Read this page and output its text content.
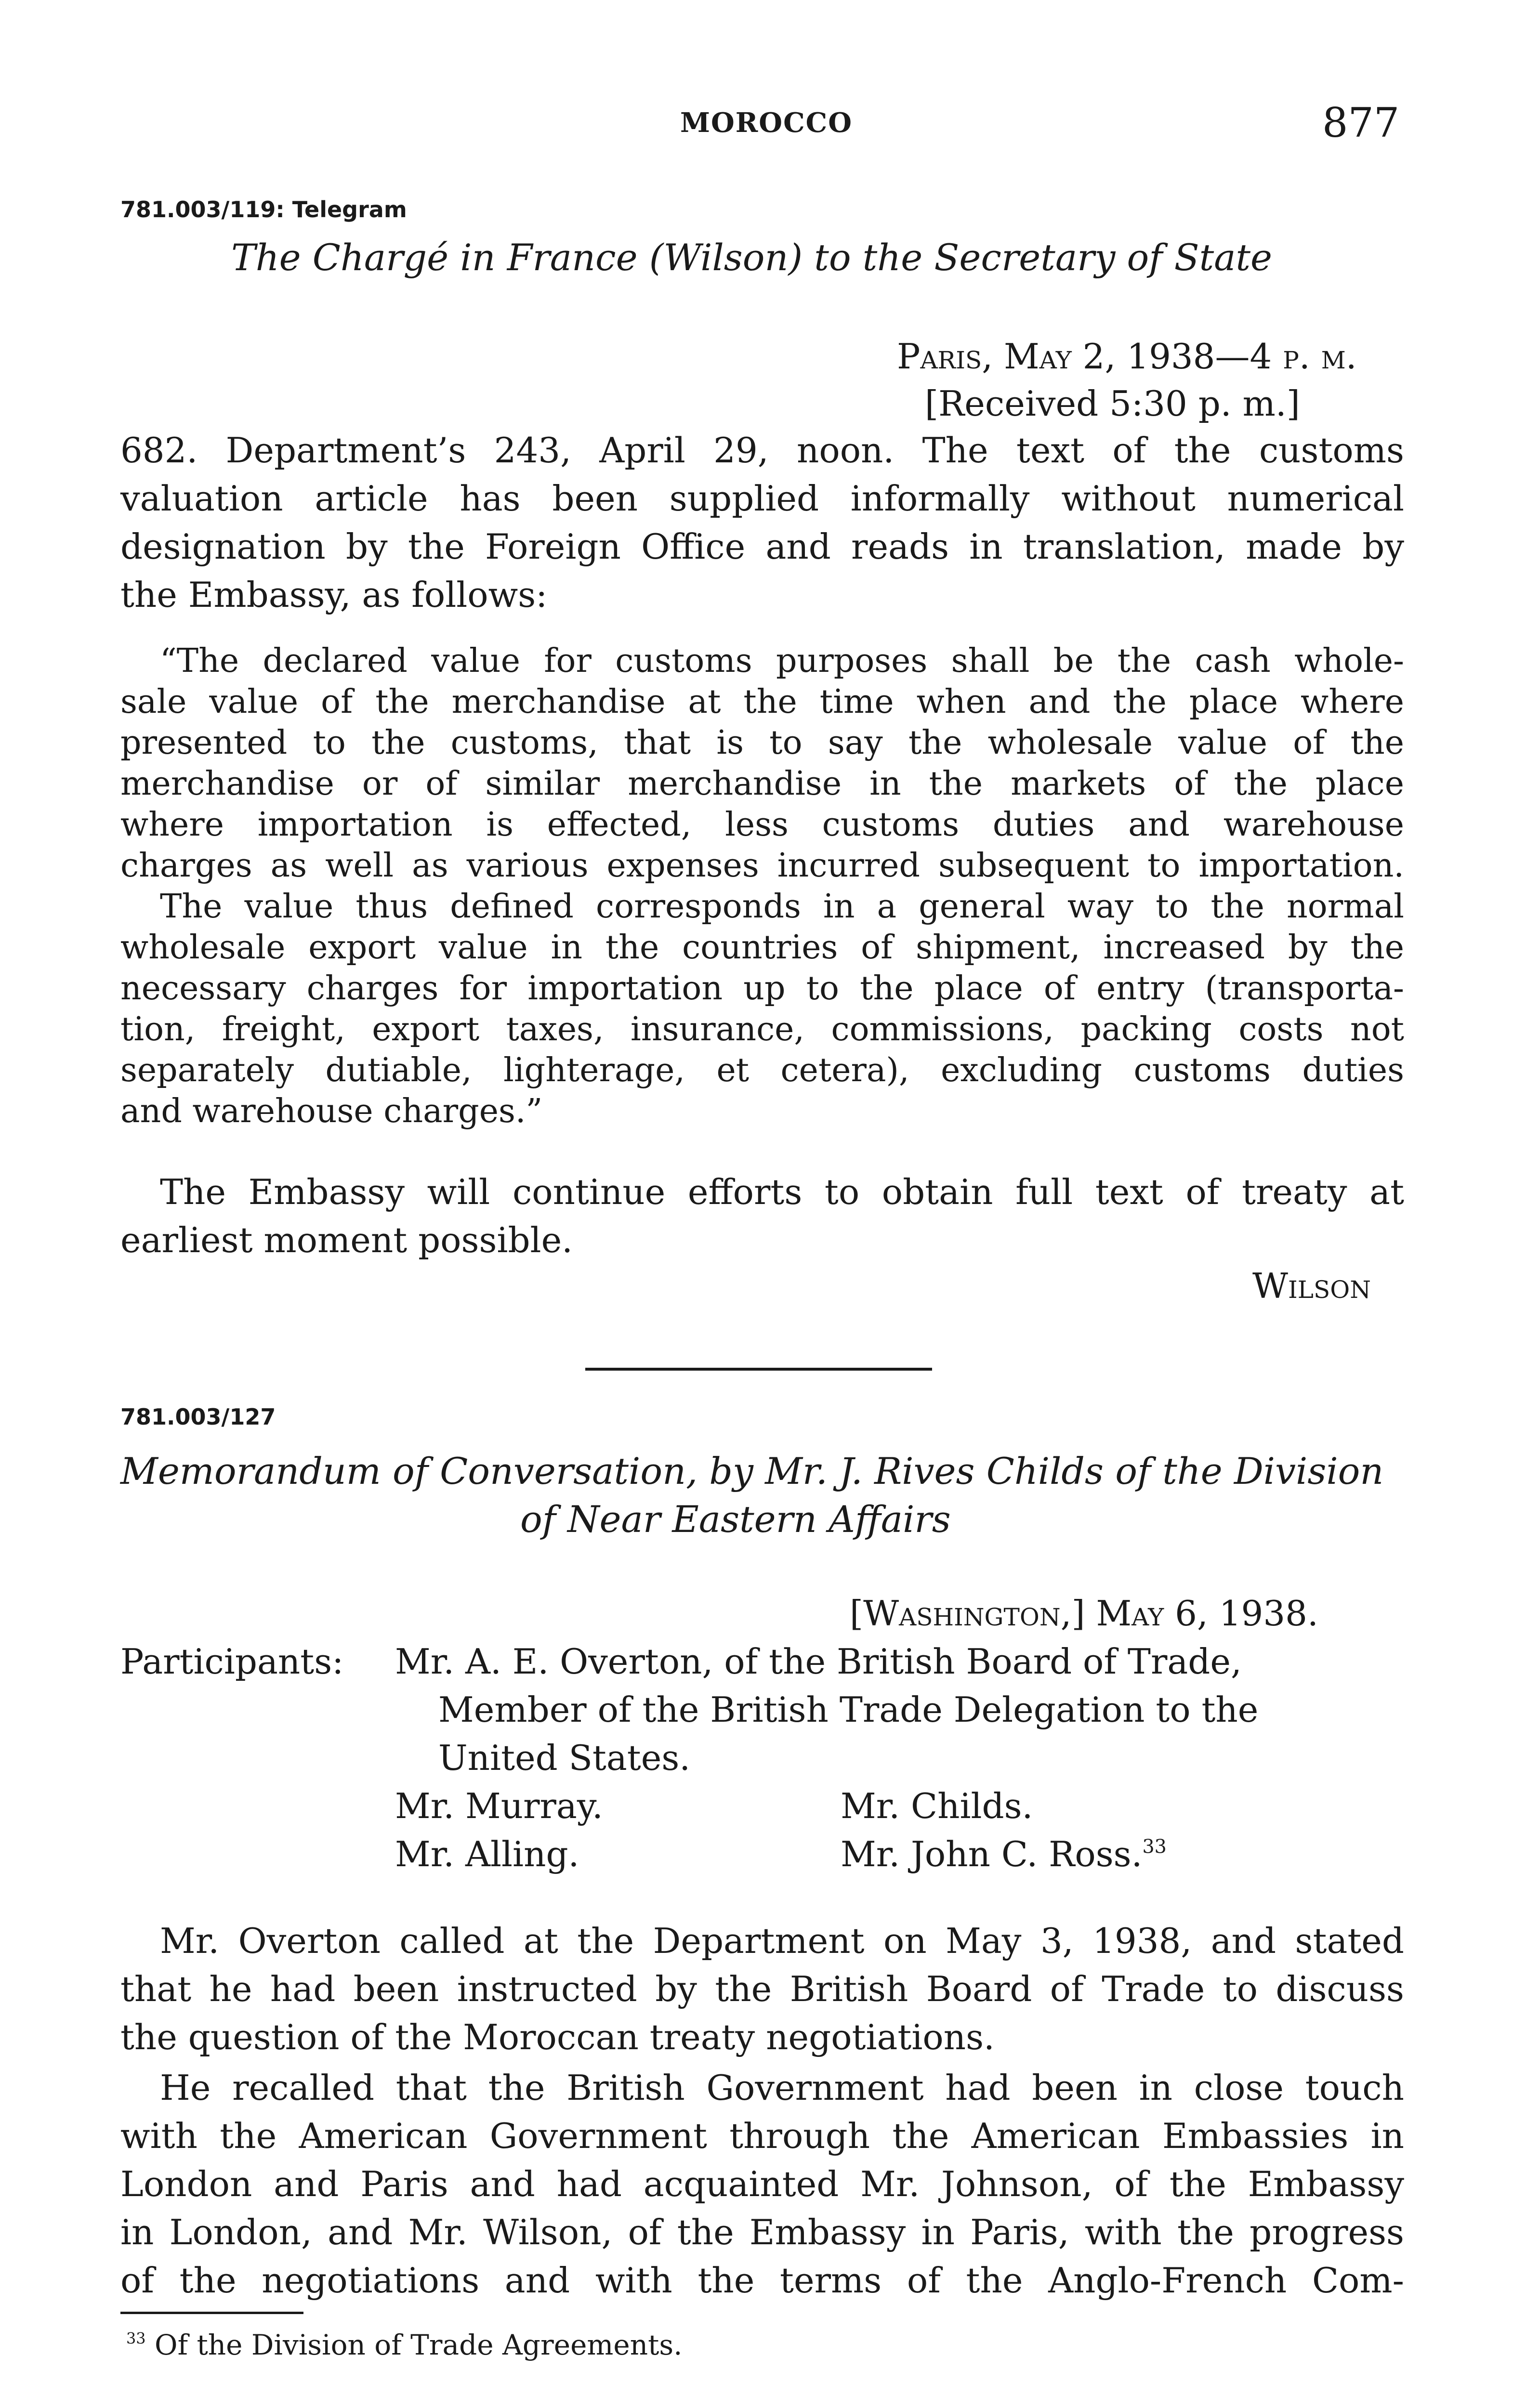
MOROCCO	877
781.003/119: Telegram
The Chargé in France (Wilson) to the Secretary of State
Paris, May 2, 1938—4 p. m.
[Received 5:30 p. m.]
682. Department’s 243, April 29, noon. The text of the customs
valuation article has been supplied informally without numerical
designation by the Foreign Office and reads in translation, made by
the Embassy, as follows:
“The declared value for customs purposes shall be the cash whole-
sale value of the merchandise at the time when and the place where
presented to the customs, that is to say the wholesale value of the
merchandise or of similar merchandise in the markets of the place
where importation is effected, less customs duties and warehouse
charges as well as various expenses incurred subsequent to importation.
The value thus defined corresponds in a general way to the normal
wholesale export value in the countries of shipment, increased by the
necessary charges for importation up to the place of entry (transporta-
tion, freight, export taxes, insurance, commissions, packing costs not
separately dutiable, lighterage, et cetera), excluding customs duties
and warehouse charges.”
The Embassy will continue efforts to obtain full text of treaty at
earliest moment possible.
Wilson
781.003/127
Memorandum of Conversation, by Mr. J. Rives Childs of the Division
of Near Eastern Affairs
[Washington,] May 6, 1938.
Participants: Mr. A. E. Overton, of the British Board of Trade,
Member of the British Trade Delegation to the
United States.
Mr. Murray.
Mr. Alling.
Mr. Childs.
Mr. John C. Ross.$^{33}$
Mr. Overton called at the Department on May 3, 1938, and stated
that he had been instructed by the British Board of Trade to discuss
the question of the Moroccan treaty negotiations.
He recalled that the British Government had been in close touch
with the American Government through the American Embassies in
London and Paris and had acquainted Mr. Johnson, of the Embassy
in London, and Mr. Wilson, of the Embassy in Paris, with the progress
of the negotiations and with the terms of the Anglo-French Com-
$^{33}$ Of the Division of Trade Agreements.
